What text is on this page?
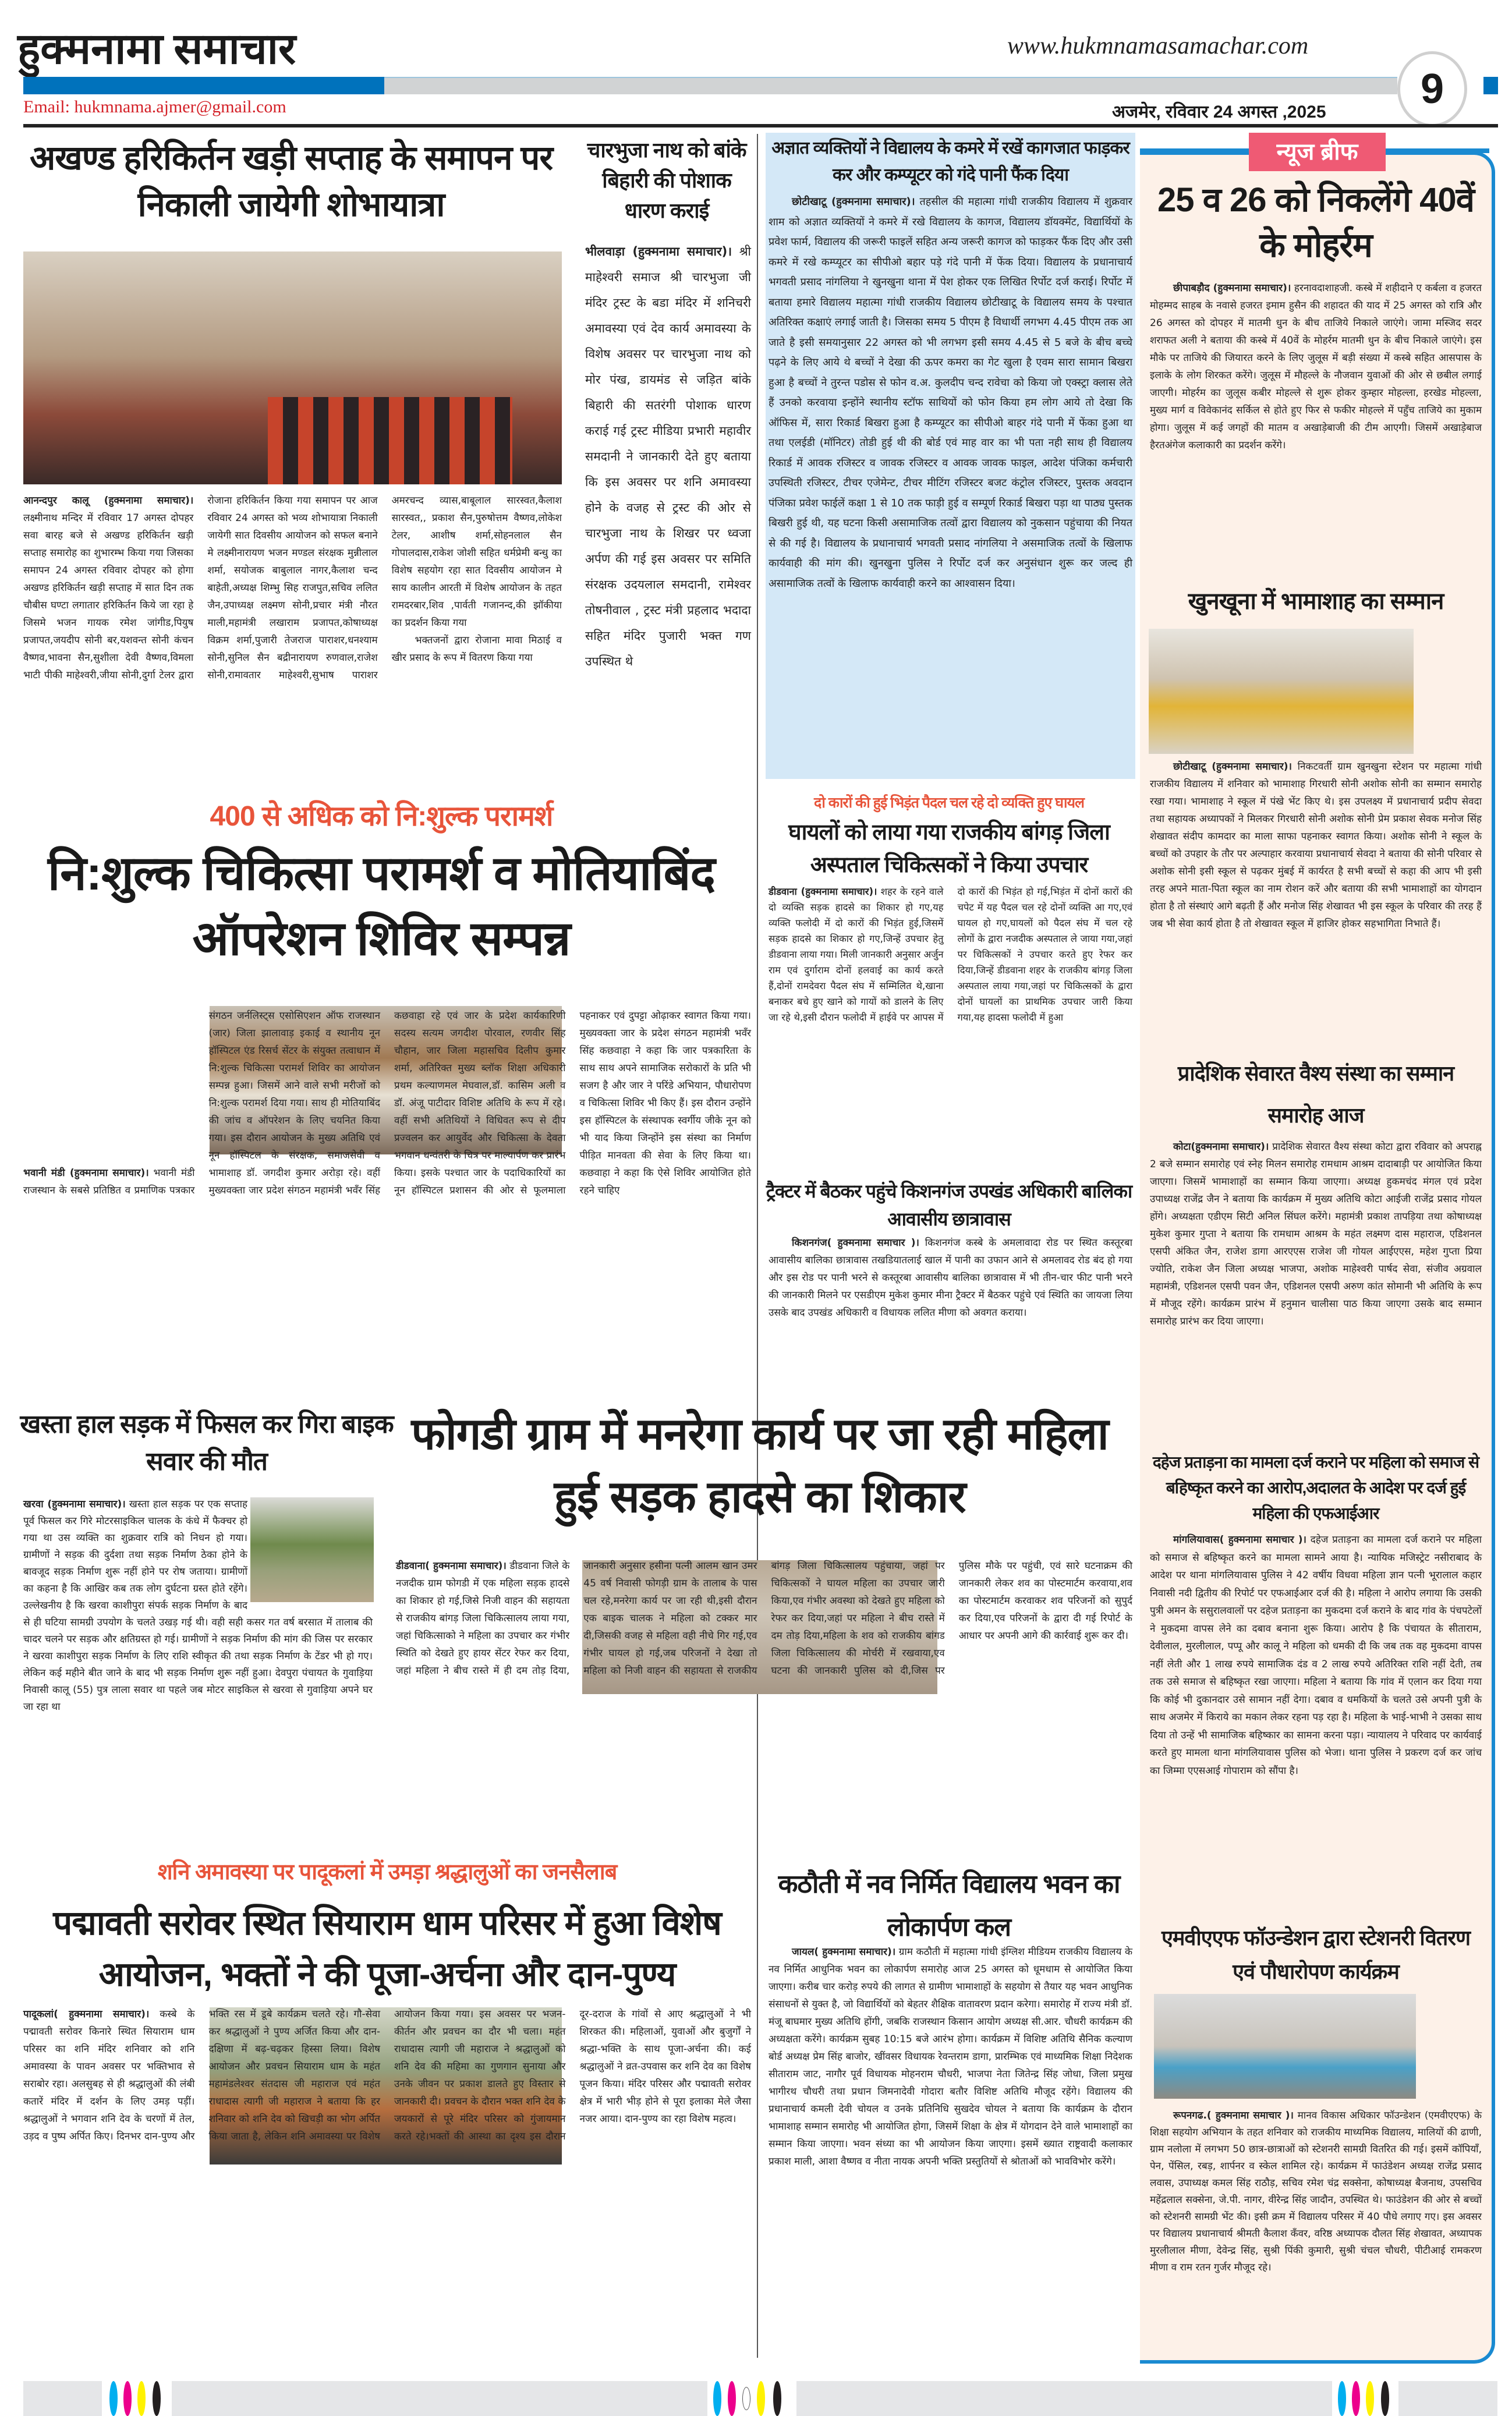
हुक्मनामा समाचार	www.hukmnamasamachar.com
9
Email: hukmnama.ajmer@gmail.com	अजमेर, रविवार 24 अगस्त ,2025
अखण्ड हरिकिर्तन खड़ी सप्ताह के समापन पर निकाली जायेगी शोभायात्रा
आनन्दपुर कालू (हुक्मनामा समाचार)। लक्ष्मीनाथ मन्दिर में रविवार 17 अगस्त दोपहर सवा बारह बजे से अखण्ड हरिकिर्तन खड़ी सप्ताह समारोह का शुभारम्भ किया गया जिसका समापन 24 अगस्त रविवार दोपहर को होगा अखण्ड हरिकिर्तन खड़ी सप्ताह में सात दिन तक चौबीस घण्टा लगातार हरिकिर्तन किये जा रहा हे जिसमे भजन गायक रमेश जांगीड,पियुष प्रजापत,जयदीप सोनी बर,यशवन्त सोनी कंचन वैष्णव,भावना सैन,सुशीला देवी वैष्णव,विमला भाटी पीकी माहेश्वरी,जीया सोनी,दुर्गा टेलर द्वारा रोजाना हरिकिर्तन किया गया समापन पर आज रविवार 24 अगस्त को भव्य शोभायात्रा निकाली जायेगी सात दिवसीय आयोजन को सफल बनाने मे लक्ष्मीनारायण भजन मण्डल संरक्षक मुन्नीलाल शर्मा, सयोजक बाबुलाल नागर,कैलाश चन्द बाहेती,अध्यक्ष शिम्भु सिह राजपुत,सचिव ललित जैन,उपाध्यक्ष लक्ष्मण सोनी,प्रचार मंत्री नौरत माली,महामंत्री लखाराम प्रजापत,कोषाध्यक्ष विक्रम शर्मा,पुजारी तेजराज पाराशर,धनश्याम सोनी,सुनिल सैन बद्रीनारायण रुणवाल,राजेश सोनी,रामावतार माहेश्वरी,सुभाष पाराशर अमरचन्द व्यास,बाबूलाल सारस्वत,कैलाश सारस्वत,, प्रकाश सैन,पुरुषोत्तम वैष्णव,लोकेश टेलर, आशीष शर्मा,सोहनलाल सैन गोपालदास,राकेश जोशी सहित धर्मप्रेमी बन्धु का विशेष सहयोग रहा सात दिवसीय आयोजन मे साय कालीन आरती में विशेष आयोजन के तहत रामदरबार,शिव ,पार्वती गजानन्द,की झॉकीया का प्रदर्शन किया गया

भक्तजनों द्वारा रोजाना मावा मिठाई व खीर प्रसाद के रूप में वितरण किया गया

चारभुजा नाथ को बांके बिहारी की पोशाक धारण कराई
भीलवाड़ा (हुक्मनामा समाचार)। श्री माहेश्वरी समाज श्री चारभुजा जी मंदिर ट्रस्ट के बडा मंदिर में शनिचरी अमावस्या एवं देव कार्य अमावस्या के विशेष अवसर पर चारभुजा नाथ को मोर पंख, डायमंड से जड़ित बांके बिहारी की सतरंगी पोशाक धारण कराई गई ट्रस्ट मीडिया प्रभारी महावीर समदानी ने जानकारी देते हुए बताया कि इस अवसर पर शनि अमावस्या होने के वजह से ट्रस्ट की ओर से चारभुजा नाथ के शिखर पर ध्वजा अर्पण की गई इस अवसर पर समिति संरक्षक उदयलाल समदानी, रामेश्वर तोषनीवाल , ट्रस्ट मंत्री प्रहलाद भदादा सहित मंदिर पुजारी भक्त गण उपस्थित थे
अज्ञात व्यक्तियों ने विद्यालय के कमरे में रखें कागजात फाड़कर कर और कम्प्यूटर को गंदे पानी फैंक दिया
छोटीखाटू (हुक्मनामा समाचार)। तहसील की महात्मा गांधी राजकीय विद्यालय में शुक्रवार शाम को अज्ञात व्यक्तियों ने कमरे में रखे विद्यालय के कागज, विद्यालय डॉयक्मेंट, विद्यार्थियों के प्रवेश फार्म, विद्यालय की जरूरी फाइलें सहित अन्य जरूरी कागज को फाड़कर फैंक दिए और उसी कमरे में रखे कम्प्यूटर का सीपीओ बहार पड़े गंदे पानी में फेंक दिया। विद्यालय के प्रधानाचार्य भगवती प्रसाद नांगलिया ने खुनखुना थाना में पेश होकर एक लिखित रिर्पोट दर्ज कराई। रिर्पोट में बताया हमारे विद्यालय महात्मा गांधी राजकीय विद्यालय छोटीखाटू के विद्यालय समय के पश्चात अतिरिक्त कक्षाएं लगाई जाती है। जिसका समय 5 पीएम है विधार्थी लगभग 4.45 पीएम तक आ जाते है इसी समयानुसार 22 अगस्त को भी लगभग इसी समय 4.45 से 5 बजे के बीच बच्चे पढ़ने के लिए आये थे बच्चों ने देखा की ऊपर कमरा का गेट खुला है एवम सारा सामान बिखरा हुआ है बच्चों ने तुरन्त पडोस से फोन व.अ. कुलदीप चन्द रावेचा को किया जो एक्स्ट्रा क्लास लेते हैं उनको करवाया इन्होंने स्थानीय स्टॉफ साथियों को फोन किया हम लोग आये तो देखा कि ऑफिस में, सारा रिकार्ड बिखरा हुआ है कम्प्यूटर का सीपीओ बाहर गंदे पानी में फेंका हुआ था तथा एलईडी (मॉनिटर) तोडी हुई थी की बोर्ड एवं माह वार का भी पता नही साथ ही विद्यालय रिकार्ड में आवक रजिस्टर व जावक रजिस्टर व आवक जावक फाइल, आदेश पंजिका कर्मचारी उपस्थिती रजिस्टर, टीचर एजेमेन्ट, टीचर मीटिंग रजिस्टर बजट कंट्रोल रजिस्टर, पुस्तक अवदान पंजिका प्रवेश फाईलें कक्षा 1 से 10 तक फाड़ी हुई व सम्पूर्ण रिकार्ड बिखरा पड़ा था पाठ्य पुस्तक बिखरी हुई थी, यह घटना किसी असामाजिक तत्वों द्वारा विद्यालय को नुकसान पहुंचाया की नियत से की गई है। विद्यालय के प्रधानाचार्य भगवती प्रसाद नांगलिया ने असमाजिक तत्वों के खिलाफ कार्यवाही की मांग की। खुनखुना पुलिस ने रिर्पोट दर्ज कर अनुसंधान शुरू कर जल्द ही असामाजिक तत्वों के खिलाफ कार्यवाही करने का आश्वासन दिया।
न्यूज ब्रीफ
25 व 26 को निकलेंगे 40वें के मोहर्रम
छीपाबड़ौद (हुक्मनामा समाचार)। हरनावदाशाहजी. कस्बे में शहीदाने ए कर्बला व हजरत मोहम्मद साहब के नवासे हजरत इमाम हुसैन की शहादत की याद में 25 अगस्त को रात्रि और 26 अगस्त को दोपहर में मातमी धुन के बीच ताजिये निकाले जाएंगे। जामा मस्जिद सदर शराफत अली ने बताया की कस्बे में 40वें के मोहर्रम मातमी धुन के बीच निकाले जाएंगे। इस मौके पर ताजिये की जियारत करने के लिए जुलूस में बड़ी संख्या में कस्बे सहित आसपास के इलाके के लोग शिरकत करेंगे। जुलूस में मौहल्ले के नौजवान युवाओं की ओर से छबील लगाई जाएगी। मोहर्रम का जुलूस कबीर मोहल्ले से शुरू होकर कुम्हार मोहल्ला, हरखेड मोहल्ला, मुख्य मार्ग व विवेकानंद सर्किल से होते हुए फिर से फकीर मोहल्ले में पहुँच ताजिये का मुकाम होगा। जुलूस में कई जगहों की मातम व अखाड़ेबाजी की टीम आएगी। जिसमें अखाड़ेबाज हैरतअंगेज कलाकारी का प्रदर्शन करेंगे।
खुनखूना में भामाशाह का सम्मान
छोटीखाटू (हुक्मनामा समाचार)। निकटवर्ती ग्राम खुनखुना स्टेशन पर महात्मा गांधी राजकीय विद्यालय में शनिवार को भामाशाह गिरधारी सोनी अशोक सोनी का सम्मान समारोह रखा गया। भामाशाह ने स्कूल में पंखे भेंट किए थे। इस उपलक्ष्य में प्रधानाचार्य प्रदीप सेवदा तथा सहायक अध्यापकों ने मिलकर गिरधारी सोनी अशोक सोनी प्रेम प्रकाश सेवक मनोज सिंह शेखावत संदीप कामदार का माला साफा पहनाकर स्वागत किया। अशोक सोनी ने स्कूल के बच्चों को उपहार के तौर पर अल्पाहार करवाया प्रधानाचार्य सेवदा ने बताया की सोनी परिवार से अशोक सोनी इसी स्कूल से पढ़कर मुंबई में कार्यरत है सभी बच्चों से कहा की आप भी इसी तरह अपने माता-पिता स्कूल का नाम रोशन करें और बताया की सभी भामाशाहों का योगदान होता है तो संस्थाएं आगे बढ़ती हैं और मनोज सिंह शेखावत भी इस स्कूल के परिवार की तरह हैं जब भी सेवा कार्य होता है तो शेखावत स्कूल में हाजिर होकर सहभागिता निभाते हैं।
प्रादेशिक सेवारत वैश्य संस्था का सम्मान समारोह आज
कोटा(हुक्मनामा समाचार)। प्रादेशिक सेवारत वैश्य संस्था कोटा द्वारा रविवार को अपराह्न 2 बजे सम्मान समारोह एवं स्नेह मिलन समारोह रामधाम आश्रम दादाबाड़ी पर आयोजित किया जाएगा। जिसमें भामाशाहों का सम्मान किया जाएगा। अध्यक्ष हुकमचंद मंगल एवं प्रदेश उपाध्यक्ष राजेंद्र जैन ने बताया कि कार्यक्रम में मुख्य अतिथि कोटा आईजी राजेंद्र प्रसाद गोयल होंगे। अध्यक्षता एडीएम सिटी अनिल सिंघल करेंगे। महामंत्री प्रकाश तापड़िया तथा कोषाध्यक्ष मुकेश कुमार गुप्ता ने बताया कि रामधाम आश्रम के महंत लक्ष्मण दास महाराज, एडिशनल एसपी अंकित जैन, राजेश डागा आरएएस राजेश जी गोयल आईएएस, महेश गुप्ता प्रिया ज्योति, राकेश जैन जिला अध्यक्ष भाजपा, अशोक माहेश्वरी पार्षद सेवा, संजीव अग्रवाल महामंत्री, एडिशनल एसपी पवन जैन, एडिशनल एसपी अरुण कांत सोमानी भी अतिथि के रूप में मौजूद रहेंगे। कार्यक्रम प्रारंभ में हनुमान चालीसा पाठ किया जाएगा उसके बाद सम्मान समारोह प्रारंभ कर दिया जाएगा।
दहेज प्रताड़ना का मामला दर्ज कराने पर महिला को समाज से बहिष्कृत करने का आरोप,अदालत के आदेश पर दर्ज हुई महिला की एफआईआर
मांगलियावास( हुक्मनामा समाचार )। दहेज प्रताड़ना का मामला दर्ज कराने पर महिला को समाज से बहिष्कृत करने का मामला सामने आया है। न्यायिक मजिस्ट्रेट नसीराबाद के आदेश पर थाना मांगलियावास पुलिस ने 42 वर्षीय विधवा महिला ज्ञान पत्नी भूरालाल कहार निवासी नदी द्वितीय की रिपोर्ट पर एफआईआर दर्ज की है। महिला ने आरोप लगाया कि उसकी पुत्री अमन के ससुरालवालों पर दहेज प्रताड़ना का मुकदमा दर्ज कराने के बाद गांव के पंचपटेलों ने मुकदमा वापस लेने का दबाव बनाना शुरू किया। आरोप है कि पंचायत के सीताराम, देवीलाल, मुरलीलाल, पप्पू और कालू ने महिला को धमकी दी कि जब तक वह मुकदमा वापस नहीं लेती और 1 लाख रुपये सामाजिक दंड व 2 लाख रुपये अतिरिक्त राशि नहीं देती, तब तक उसे समाज से बहिष्कृत रखा जाएगा। महिला ने बताया कि गांव में एलान कर दिया गया कि कोई भी दुकानदार उसे सामान नहीं देगा। दबाव व धमकियों के चलते उसे अपनी पुत्री के साथ अजमेर में किराये का मकान लेकर रहना पड़ रहा है। महिला के भाई-भाभी ने उसका साथ दिया तो उन्हें भी सामाजिक बहिष्कार का सामना करना पड़ा। न्यायालय ने परिवाद पर कार्यवाई करते हुए मामला थाना मांगलियावास पुलिस को भेजा। थाना पुलिस ने प्रकरण दर्ज कर जांच का जिम्मा एएसआई गोपाराम को सौंपा है।
एमवीएएफ फॉउन्डेशन द्वारा स्टेशनरी वितरण एवं पौधारोपण कार्यक्रम
रूपनगढ.( हुक्मनामा समाचार )। मानव विकास अधिकार फॉउन्डेशन (एमवीएएफ) के शिक्षा सहयोग अभियान के तहत शनिवार को राजकीय माध्यमिक विद्यालय, मालियों की ढाणी, ग्राम नलोला में लगभग 50 छात्र-छात्राओं को स्टेशनरी सामग्री वितरित की गई। इसमें कॉपियाँ, पेन, पेंसिल, रबड़, शार्पनर व स्केल शामिल रहे। कार्यक्रम में फाउंडेशन अध्यक्ष राजेंद्र प्रसाद लवास, उपाध्यक्ष कमल सिंह राठौड़, सचिव रमेश चंद्र सक्सेना, कोषाध्यक्ष बैजनाथ, उपसचिव महेंद्रलाल सक्सेना, जे.पी. नागर, वीरेन्द्र सिंह जादौन, उपस्थित थे। फाउंडेशन की ओर से बच्चों को स्टेशनरी सामग्री भेंट की। इसी क्रम में विद्यालय परिसर में 40 पौधे लगाए गए। इस अवसर पर विद्यालय प्रधानाचार्य श्रीमती कैलाश कँवर, वरिष्ठ अध्यापक दौलत सिंह शेखावत, अध्यापक मुरलीलाल मीणा, देवेन्द्र सिंह, सुश्री पिंकी कुमारी, सुश्री चंचल चौधरी, पीटीआई रामकरण मीणा व राम रतन गुर्जर मौजूद रहे।
400 से अधिक को नि:शुल्क परामर्श
नि:शुल्क चिकित्सा परामर्श व मोतियाबिंद ऑपरेशन शिविर सम्पन्न
भवानी मंडी (हुक्मनामा समाचार)। भवानी मंडी राजस्थान के सबसे प्रतिष्ठित व प्रमाणिक पत्रकार संगठन जर्नलिस्ट्स एसोसिएशन ऑफ राजस्थान (जार) जिला झालावाड़ इकाई व स्थानीय नून हॉस्पिटल एंड रिसर्च सेंटर के संयुक्त तत्वाधान में नि:शुल्क चिकित्सा परामर्श शिविर का आयोजन सम्पन्न हुआ। जिसमें आने वाले सभी मरीजों को नि:शुल्क परामर्श दिया गया। साथ ही मोतियाबिंद की जांच व ऑपरेशन के लिए चयनित किया गया। इस दौरान आयोजन के मुख्य अतिथि एवं नून हॉस्पिटल के संरक्षक, समाजसेवी व भामाशाह डॉ. जगदीश कुमार अरोड़ा रहे। वहीं मुख्यवक्ता जार प्रदेश संगठन महामंत्री भवँर सिंह कछवाहा रहे एवं जार के प्रदेश कार्यकारिणी सदस्य सत्यम जगदीश पोरवाल, रणवीर सिंह चौहान, जार जिला महासचिव दिलीप कुमार शर्मा, अतिरिक्त मुख्य ब्लॉक शिक्षा अधिकारी प्रथम कल्याणमल मेघवाल,डॉ. कासिम अली व डॉ. अंजू पाटीदार विशिष्ट अतिथि के रूप में रहे। वहीं सभी अतिथियों ने विधिवत रूप से दीप प्रज्वलन कर आयुर्वेद और चिकित्सा के देवता भगवान धन्वंतरी के चित्र पर माल्यार्पण कर प्रारंभ किया। इसके पश्चात जार के पदाधिकारियों का नून हॉस्पिटल प्रशासन की ओर से फूलमाला पहनाकर एवं दुपट्टा ओढ़ाकर स्वागत किया गया। मुख्यवक्ता जार के प्रदेश संगठन महामंत्री भवँर सिंह कछवाहा ने कहा कि जार पत्रकारिता के साथ साथ अपने सामाजिक सरोकारों के प्रति भी सजग है और जार ने परिंडे अभियान, पौधारोपण व चिकित्सा शिविर भी किए हैं। इस दौरान उन्होंने इस हॉस्पिटल के संस्थापक स्वर्गीय जीके नून को भी याद किया जिन्होंने इस संस्था का निर्माण पीड़ित मानवता की सेवा के लिए किया था। कछवाहा ने कहा कि ऐसे शिविर आयोजित होते रहने चाहिए
दो कारों की हुई भिड़ंत पैदल चल रहे दो व्यक्ति हुए घायल
घायलों को लाया गया राजकीय बांगड़ जिला अस्पताल चिकित्सकों ने किया उपचार
डीडवाना (हुक्मनामा समाचार)। शहर के रहने वाले दो व्यक्ति सड़क हादसे का शिकार हो गए,यह व्यक्ति फलोदी में दो कारों की भिड़ंत हुई,जिसमें सड़क हादसे का शिकार हो गए,जिन्हें उपचार हेतु डीडवाना लाया गया। मिली जानकारी अनुसार अर्जुन राम एवं दुर्गाराम दोनों हलवाई का कार्य करते हैं,दोनों रामदेवरा पैदल संघ में सम्मिलित थे,खाना बनाकर बचे हुए खाने को गायों को डालने के लिए जा रहे थे,इसी दौरान फलोदी में हाईवे पर आपस में दो कारों की भिड़ंत हो गई,भिड़ंत में दोनों कारों की चपेट में यह पैदल चल रहे दोनों व्यक्ति आ गए,एवं घायल हो गए,घायलों को पैदल संघ में चल रहे लोगों के द्वारा नजदीक अस्पताल ले जाया गया,जहां पर चिकित्सकों ने उपचार करते हुए रेफर कर दिया,जिन्हें डीडवाना शहर के राजकीय बांगड़ जिला अस्पताल लाया गया,जहां पर चिकित्सकों के द्वारा दोनों घायलों का प्राथमिक उपचार जारी किया गया,यह हादसा फलोदी में हुआ
ट्रैक्टर में बैठकर पहुंचे किशनगंज उपखंड अधिकारी बालिका आवासीय छात्रावास
किशनगंज( हुक्मनामा समाचार )। किशनगंज कस्बे के अमलावादा रोड पर स्थित कस्तूरबा आवासीय बालिका छात्रावास तखडियातलाई खाल में पानी का उफान आने से अमलावद रोड बंद हो गया और इस रोड पर पानी भरने से कस्तूरबा आवासीय बालिका छात्रावास में भी तीन-चार फीट पानी भरने की जानकारी मिलने पर एसडीएम मुकेश कुमार मीना ट्रैक्टर में बैठकर पहुंचे एवं स्थिति का जायजा लिया उसके बाद उपखंड अधिकारी व विधायक ललित मीणा को अवगत कराया।
खस्ता हाल सड़क में फिसल कर गिरा बाइक सवार की मौत
खरवा (हुक्मनामा समाचार)। खस्ता हाल सड़क पर एक सप्ताह पूर्व फिसल कर गिरे मोटरसाइकिल चालक के कंधे में फैक्चर हो गया था उस व्यक्ति का शुक्रवार रात्रि को निधन हो गया। ग्रामीणों ने सड़क की दुर्दशा तथा सड़क निर्माण ठेका होने के बावजूद सड़क निर्माण शुरू नहीं होने पर रोष जताया। ग्रामीणों का कहना है कि आखिर कब तक लोग दुर्घटना ग्रस्त होते रहेंगे। उल्लेखनीय है कि खरवा काशीपुरा संपर्क सड़क निर्माण के बाद से ही घटिया सामग्री उपयोग के चलते उखड़ गई थी। वही सही कसर गत वर्ष बरसात में तालाब की चादर चलने पर सड़क और क्षतिग्रस्त हो गई। ग्रामीणों ने सड़क निर्माण की मांग की जिस पर सरकार ने खरवा काशीपुरा सड़क निर्माण के लिए राशि स्वीकृत की तथा सड़क निर्माण के टेंडर भी हो गए। लेकिन कई महीने बीत जाने के बाद भी सड़क निर्माण शुरू नहीं हुआ। देवपुरा पंचायत के गुवाड़िया निवासी कालू (55) पुत्र लाला सवार था पहले जब मोटर साइकिल से खरवा से गुवाड़िया अपने घर जा रहा था
फोगडी ग्राम में मनरेगा कार्य पर जा रही महिला हुई सड़क हादसे का शिकार
डीडवाना( हुक्मनामा समाचार)। डीडवाना जिले के नजदीक ग्राम फोगडी में एक महिला सड़क हादसे का शिकार हो गई,जिसे निजी वाहन की सहायता से राजकीय बांगड़ जिला चिकित्सालय लाया गया, जहां चिकित्साको ने महिला का उपचार कर गंभीर स्थिति को देखते हुए हायर सेंटर रेफर कर दिया, जहां महिला ने बीच रास्ते में ही दम तोड़ दिया, जानकारी अनुसार हसीना पत्नी आलम खान उमर 45 वर्ष निवासी फोगड़ी ग्राम के तालाब के पास चल रहे,मनरेगा कार्य पर जा रही थी,इसी दौरान एक बाइक चालक ने महिला को टक्कर मार दी,जिसकी वजह से महिला वही नीचे गिर गई,एव गंभीर घायल हो गई,जब परिजनों ने देखा तो महिला को निजी वाहन की सहायता से राजकीय बांगड़ जिला चिकित्सालय पहुंचाया, जहां पर चिकित्सकों ने घायल महिला का उपचार जारी किया,एव गंभीर अवस्था को देखते हुए महिला को रेफर कर दिया,जहां पर महिला ने बीच रास्ते में दम तोड़ दिया,महिला के शव को राजकीय बांगड जिला चिकित्सालय की मोर्चरी में रखवाया,एव घटना की जानकारी पुलिस को दी,जिस पर पुलिस मौके पर पहुंची, एवं सारे घटनाक्रम की जानकारी लेकर शव का पोस्टमार्टम करवाया,शव का पोस्टमार्टम करवाकर शव परिजनों को सुपुर्द कर दिया,एव परिजनों के द्वारा दी गई रिपोर्ट के आधार पर अपनी आगे की कार्रवाई शुरू कर दी।
शनि अमावस्या पर पादूकलां में उमड़ा श्रद्धालुओं का जनसैलाब
पद्मावती सरोवर स्थित सियाराम धाम परिसर में हुआ विशेष आयोजन, भक्तों ने की पूजा-अर्चना और दान-पुण्य
पादूकलां( हुक्मनामा समाचार)। कस्बे के पद्मावती सरोवर किनारे स्थित सियाराम धाम परिसर का शनि मंदिर शनिवार को शनि अमावस्या के पावन अवसर पर भक्तिभाव से सराबोर रहा। अलसुबह से ही श्रद्धालुओं की लंबी कतारें मंदिर में दर्शन के लिए उमड़ पड़ीं। श्रद्धालुओं ने भगवान शनि देव के चरणों में तेल, उड़द व पुष्प अर्पित किए। दिनभर दान-पुण्य और भक्ति रस में डूबे कार्यक्रम चलते रहे। गौ-सेवा कर श्रद्धालुओं ने पुण्य अर्जित किया और दान-दक्षिणा में बढ़-चढ़कर हिस्सा लिया। विशेष आयोजन और प्रवचन सियाराम धाम के महंत महामंडलेश्वर संतदास जी महाराज एवं महंत राधादास त्यागी जी महाराज ने बताया कि हर शनिवार को शनि देव को खिचड़ी का भोग अर्पित किया जाता है, लेकिन शनि अमावस्या पर विशेष आयोजन किया गया। इस अवसर पर भजन-कीर्तन और प्रवचन का दौर भी चला। महंत राधादास त्यागी जी महाराज ने श्रद्धालुओं को शनि देव की महिमा का गुणगान सुनाया और उनके जीवन पर प्रकाश डालते हुए विस्तार से जानकारी दी। प्रवचन के दौरान भक्त शनि देव के जयकारों से पूरे मंदिर परिसर को गुंजायमान करते रहे।भक्तों की आस्था का दृश्य इस दौरान दूर-दराज के गांवों से आए श्रद्धालुओं ने भी शिरकत की। महिलाओं, युवाओं और बुजुर्गों ने श्रद्धा-भक्ति के साथ पूजा-अर्चना की। कई श्रद्धालुओं ने व्रत-उपवास कर शनि देव का विशेष पूजन किया। मंदिर परिसर और पद्मावती सरोवर क्षेत्र में भारी भीड़ होने से पूरा इलाका मेले जैसा नजर आया। दान-पुण्य का रहा विशेष महत्व।
कठौती में नव निर्मित विद्यालय भवन का लोकार्पण कल
जायल( हुक्मनामा समाचार)। ग्राम कठौती में महात्मा गांधी इंग्लिश मीडियम राजकीय विद्यालय के नव निर्मित आधुनिक भवन का लोकार्पण समारोह आज 25 अगस्त को धूमधाम से आयोजित किया जाएगा। करीब चार करोड़ रुपये की लागत से ग्रामीण भामाशाहों के सहयोग से तैयार यह भवन आधुनिक संसाधनों से युक्त है, जो विद्यार्थियों को बेहतर शैक्षिक वातावरण प्रदान करेगा। समारोह में राज्य मंत्री डॉ. मंजू बाघमार मुख्य अतिथि होंगी, जबकि राजस्थान किसान आयोग अध्यक्ष सी.आर. चौधरी कार्यक्रम की अध्यक्षता करेंगे। कार्यक्रम सुबह 10:15 बजे आरंभ होगा। कार्यक्रम में विशिष्ट अतिथि सैनिक कल्याण बोर्ड अध्यक्ष प्रेम सिंह बाजोर, खींवसर विधायक रेवन्तराम डागा, प्रारम्भिक एवं माध्यमिक शिक्षा निदेशक सीताराम जाट, नागौर पूर्व विधायक मोहनराम चौधरी, भाजपा नेता जितेन्द्र सिंह जोधा, जिला प्रमुख भागीरथ चौधरी तथा प्रधान जिमनादेवी गोदारा बतौर विशिष्ट अतिथि मौजूद रहेंगे। विद्यालय की प्रधानाचार्य कमली देवी चोयल व उनके प्रतिनिधि सुखदेव चोयल ने बताया कि कार्यक्रम के दौरान भामाशाह सम्मान समारोह भी आयोजित होगा, जिसमें शिक्षा के क्षेत्र में योगदान देने वाले भामाशाहों का सम्मान किया जाएगा। भवन संध्या का भी आयोजन किया जाएगा। इसमें ख्यात राष्ट्रवादी कलाकार प्रकाश माली, आशा वैष्णव व नीता नायक अपनी भक्ति प्रस्तुतियों से श्रोताओं को भावविभोर करेंगे।
